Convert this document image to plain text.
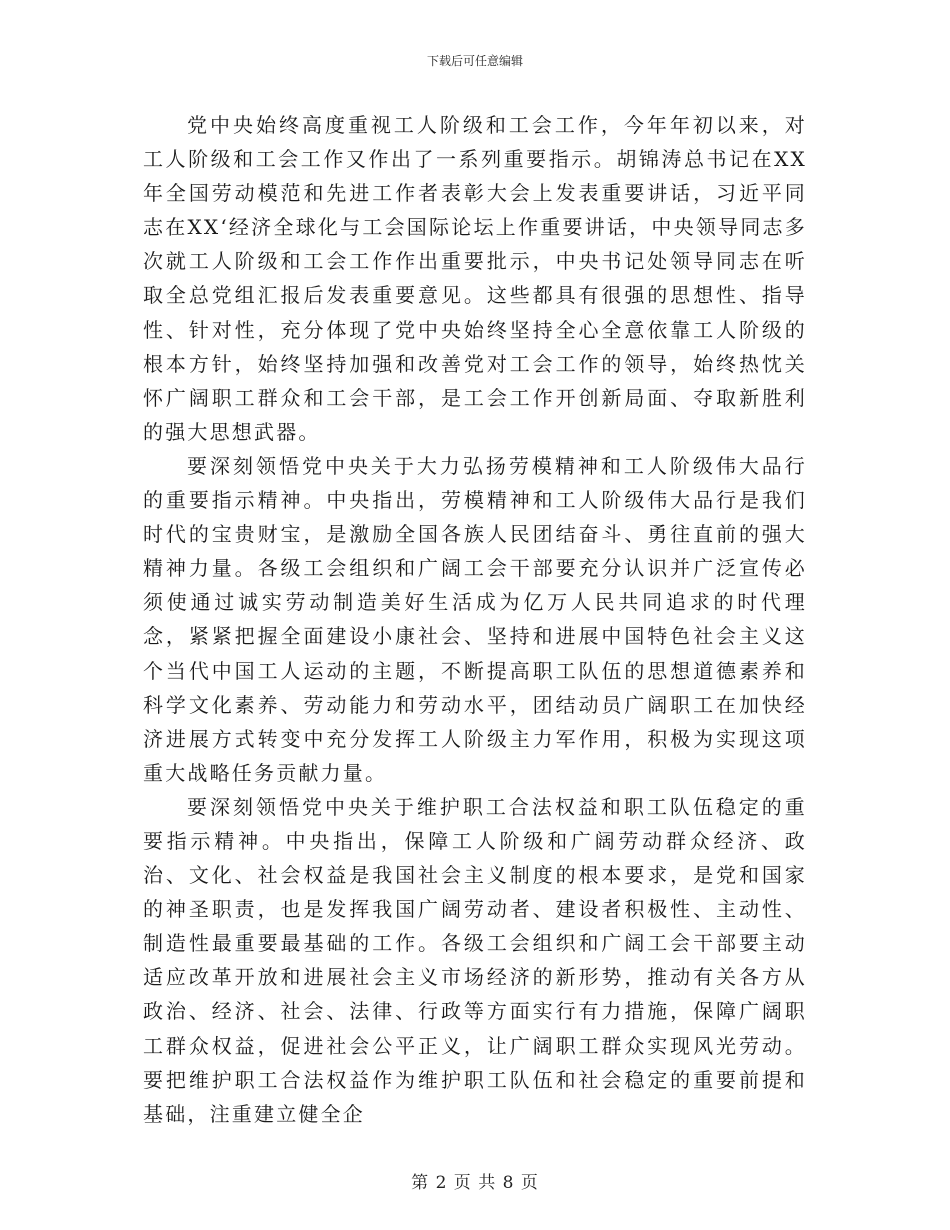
下载后可任意编辑

党中央始终高度重视工人阶级和工会工作，今年年初以来，对工人阶级和工会工作又作出了一系列重要指示。胡锦涛总书记在XX年全国劳动模范和先进工作者表彰大会上发表重要讲话，习近平同志在XX‘经济全球化与工会国际论坛上作重要讲话，中央领导同志多次就工人阶级和工会工作作出重要批示，中央书记处领导同志在听取全总党组汇报后发表重要意见。这些都具有很强的思想性、指导性、针对性，充分体现了党中央始终坚持全心全意依靠工人阶级的根本方针，始终坚持加强和改善党对工会工作的领导，始终热忱关怀广阔职工群众和工会干部，是工会工作开创新局面、夺取新胜利的强大思想武器。

要深刻领悟党中央关于大力弘扬劳模精神和工人阶级伟大品行的重要指示精神。中央指出，劳模精神和工人阶级伟大品行是我们时代的宝贵财宝，是激励全国各族人民团结奋斗、勇往直前的强大精神力量。各级工会组织和广阔工会干部要充分认识并广泛宣传必须使通过诚实劳动制造美好生活成为亿万人民共同追求的时代理念，紧紧把握全面建设小康社会、坚持和进展中国特色社会主义这个当代中国工人运动的主题，不断提高职工队伍的思想道德素养和科学文化素养、劳动能力和劳动水平，团结动员广阔职工在加快经济进展方式转变中充分发挥工人阶级主力军作用，积极为实现这项重大战略任务贡献力量。

要深刻领悟党中央关于维护职工合法权益和职工队伍稳定的重要指示精神。中央指出，保障工人阶级和广阔劳动群众经济、政治、文化、社会权益是我国社会主义制度的根本要求，是党和国家的神圣职责，也是发挥我国广阔劳动者、建设者积极性、主动性、制造性最重要最基础的工作。各级工会组织和广阔工会干部要主动适应改革开放和进展社会主义市场经济的新形势，推动有关各方从政治、经济、社会、法律、行政等方面实行有力措施，保障广阔职工群众权益，促进社会公平正义，让广阔职工群众实现风光劳动。要把维护职工合法权益作为维护职工队伍和社会稳定的重要前提和基础，注重建立健全企

第 2 页 共 8 页
